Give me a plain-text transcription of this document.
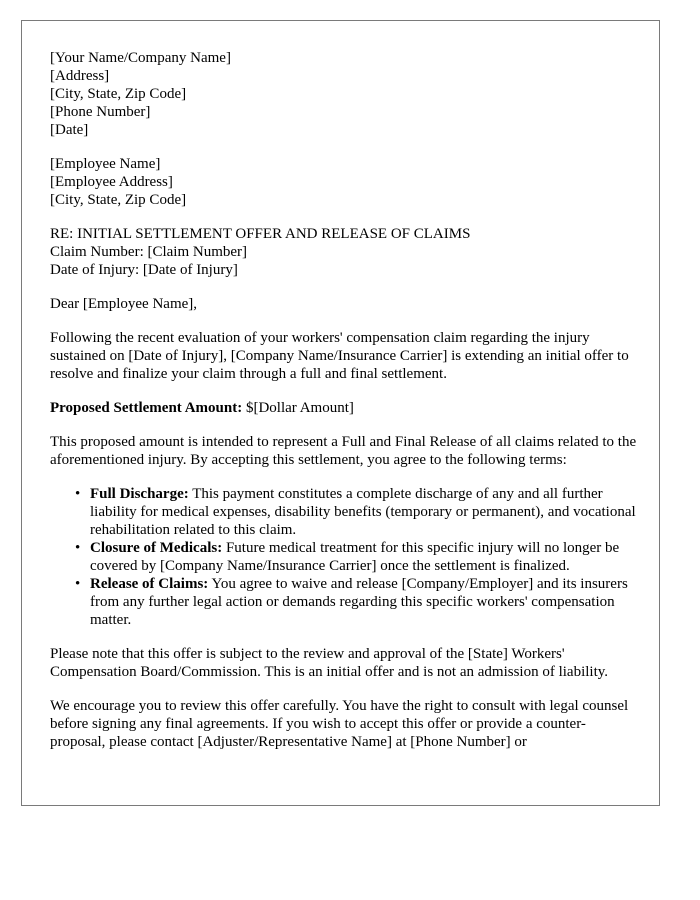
[Your Name/Company Name]
[Address]
[City, State, Zip Code]
[Phone Number]
[Date]
[Employee Name]
[Employee Address]
[City, State, Zip Code]
RE: INITIAL SETTLEMENT OFFER AND RELEASE OF CLAIMS
Claim Number: [Claim Number]
Date of Injury: [Date of Injury]

Dear [Employee Name],

Following the recent evaluation of your workers' compensation claim regarding the injury sustained on [Date of Injury], [Company Name/Insurance Carrier] is extending an initial offer to resolve and finalize your claim through a full and final settlement.

Proposed Settlement Amount: $[Dollar Amount]

This proposed amount is intended to represent a Full and Final Release of all claims related to the aforementioned injury. By accepting this settlement, you agree to the following terms:

• Full Discharge: This payment constitutes a complete discharge of any and all further liability for medical expenses, disability benefits (temporary or permanent), and vocational rehabilitation related to this claim.
• Closure of Medicals: Future medical treatment for this specific injury will no longer be covered by [Company Name/Insurance Carrier] once the settlement is finalized.
• Release of Claims: You agree to waive and release [Company/Employer] and its insurers from any further legal action or demands regarding this specific workers' compensation matter.

Please note that this offer is subject to the review and approval of the [State] Workers' Compensation Board/Commission. This is an initial offer and is not an admission of liability.

We encourage you to review this offer carefully. You have the right to consult with legal counsel before signing any final agreements. If you wish to accept this offer or provide a counter-proposal, please contact [Adjuster/Representative Name] at [Phone Number] or
